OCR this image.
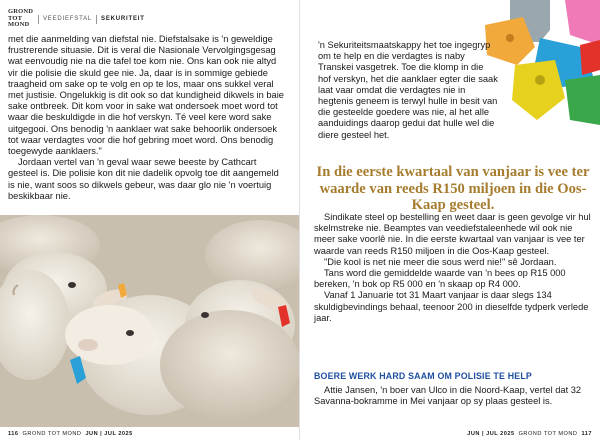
GROND
TOT MOND
VEEDIEFSTAL SEKURITEIT

met die aanmelding van diefstal nie. Diefstalsake is 'n geweldige frustrerende situasie. Dit is veral die Nasionale Vervolgingsgesag wat eenvoudig nie na die tafel toe kom nie. Ons kan ook nie altyd vir die polisie die skuld gee nie. Ja, daar is in sommige gebiede traagheid om sake op te volg en op te los, maar ons sukkel veral met justisie. Ongelukkig is dit ook so dat kundigheid dikwels in baie sake ontbreek. Dit kom voor in sake wat ondersoek moet word tot waar die beskuldigde in die hof verskyn. Té veel kere word sake uitgegooi. Ons benodig 'n aanklaer wat sake behoorlik ondersoek tot waar verdagtes voor die hof gebring moet word. Ons benodig toegewyde aanklaers."

Jordaan vertel van 'n geval waar sewe beeste by Cathcart gesteel is. Die polisie kon dit nie dadelik opvolg toe dit aangemeld is nie, want soos so dikwels gebeur, was daar glo nie 'n voertuig beskikbaar nie.

116 GROND TOT MOND JUN | JUL 2025

'n Sekuriteitsmaatskappy het toe ingegryp om te help en die verdagtes is naby Transkei vasgetrek. Toe die klomp in die hof verskyn, het die aanklaer egter die saak laat vaar omdat die verdagtes nie in hegtenis geneem is terwyl hulle in besit van die gesteelde goedere was nie, al het alle aanduidings daarop gedui dat hulle wel die diere gesteel het.

In die eerste kwartaal van vanjaar is vee ter waarde van reeds R150 miljoen in die Oos-Kaap gesteel.

Sindikate steel op bestelling en weet daar is geen gevolge vir hul skelmstreke nie. Beamptes van veediefstaleenhede wil ook nie meer sake voorlê nie. In die eerste kwartaal van vanjaar is vee ter waarde van reeds R150 miljoen in die Oos-Kaap gesteel.

"Die kool is net nie meer die sous werd nie!" sê Jordaan.

Tans word die gemiddelde waarde van 'n bees op R15 000 bereken, 'n bok op R5 000 en 'n skaap op R4 000.

Vanaf 1 Januarie tot 31 Maart vanjaar is daar slegs 134 skuldigbevindings behaal, teenoor 200 in dieselfde tydperk verlede jaar.

BOERE WERK HARD SAAM OM POLISIE TE HELP

Attie Jansen, 'n boer van Ulco in die Noord-Kaap, vertel dat 32 Savanna-bokramme in Mei vanjaar op sy plaas gesteel is.

JUN | JUL 2025 GROND TOT MOND 117
